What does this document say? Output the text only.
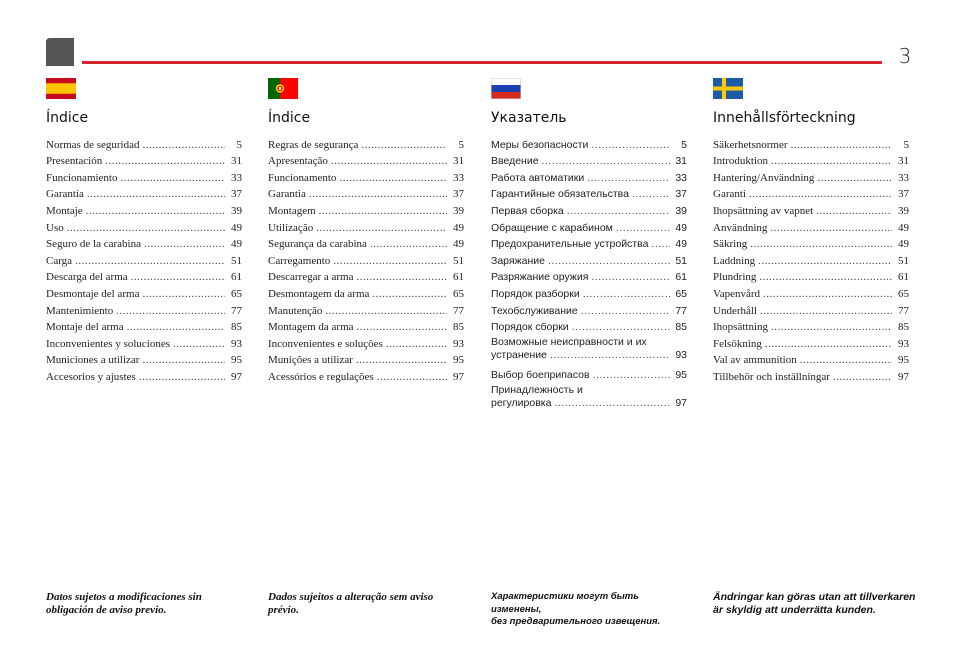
3
Índice
Normas de seguridad .....	5
Presentación .....	31
Funcionamiento .....	33
Garantía .....	37
Montaje .....	39
Uso .....	49
Seguro de la carabina .....	49
Carga .....	51
Descarga del arma .....	61
Desmontaje del arma .....	65
Mantenimiento .....	77
Montaje del arma .....	85
Inconvenientes y soluciones .....	93
Municiones a utilizar .....	95
Accesorios y ajustes .....	97
Índice
Regras de segurança .....	5
Apresentação .....	31
Funcionamento .....	33
Garantia .....	37
Montagem .....	39
Utilização .....	49
Segurança da carabina .....	49
Carregamento .....	51
Descarregar a arma .....	61
Desmontagem da arma .....	65
Manutenção .....	77
Montagem da arma .....	85
Inconvenientes e soluções .....	93
Munições a utilizar .....	95
Acessórios e regulações .....	97
Указатель
Меры безопасности .....	5
Введение .....	31
Работа автоматики .....	33
Гарантийные обязательства .....	37
Первая сборка .....	39
Обращение с карабином .....	49
Предохранительные устройства .....	49
Заряжание .....	51
Разряжание оружия .....	61
Порядок разборки .....	65
Техобслуживание .....	77
Порядок сборки .....	85
Возможные неисправности и их
устранение .....	93
Выбор боеприпасов .....	95
Принадлежность и
регулировка .....	97
Innehållsförteckning
Säkerhetsnormer .....	5
Introduktion .....	31
Hantering/Användning .....	33
Garanti .....	37
Ihopsättning av vapnet .....	39
Användning .....	49
Säkring .....	49
Laddning .....	51
Plundring .....	61
Vapenvård .....	65
Underhåll .....	77
Ihopsättning .....	85
Felsökning .....	93
Val av ammunition .....	95
Tillbehör och inställningar .....	97

Datos sujetos a modificaciones sin
obligación de aviso previo.

Dados sujeitos a alteração sem aviso
prévio.

Характеристики могут быть изменены,
без предварительного извещения.

Ändringar kan göras utan att tillverkaren
är skyldig att underrätta kunden.
